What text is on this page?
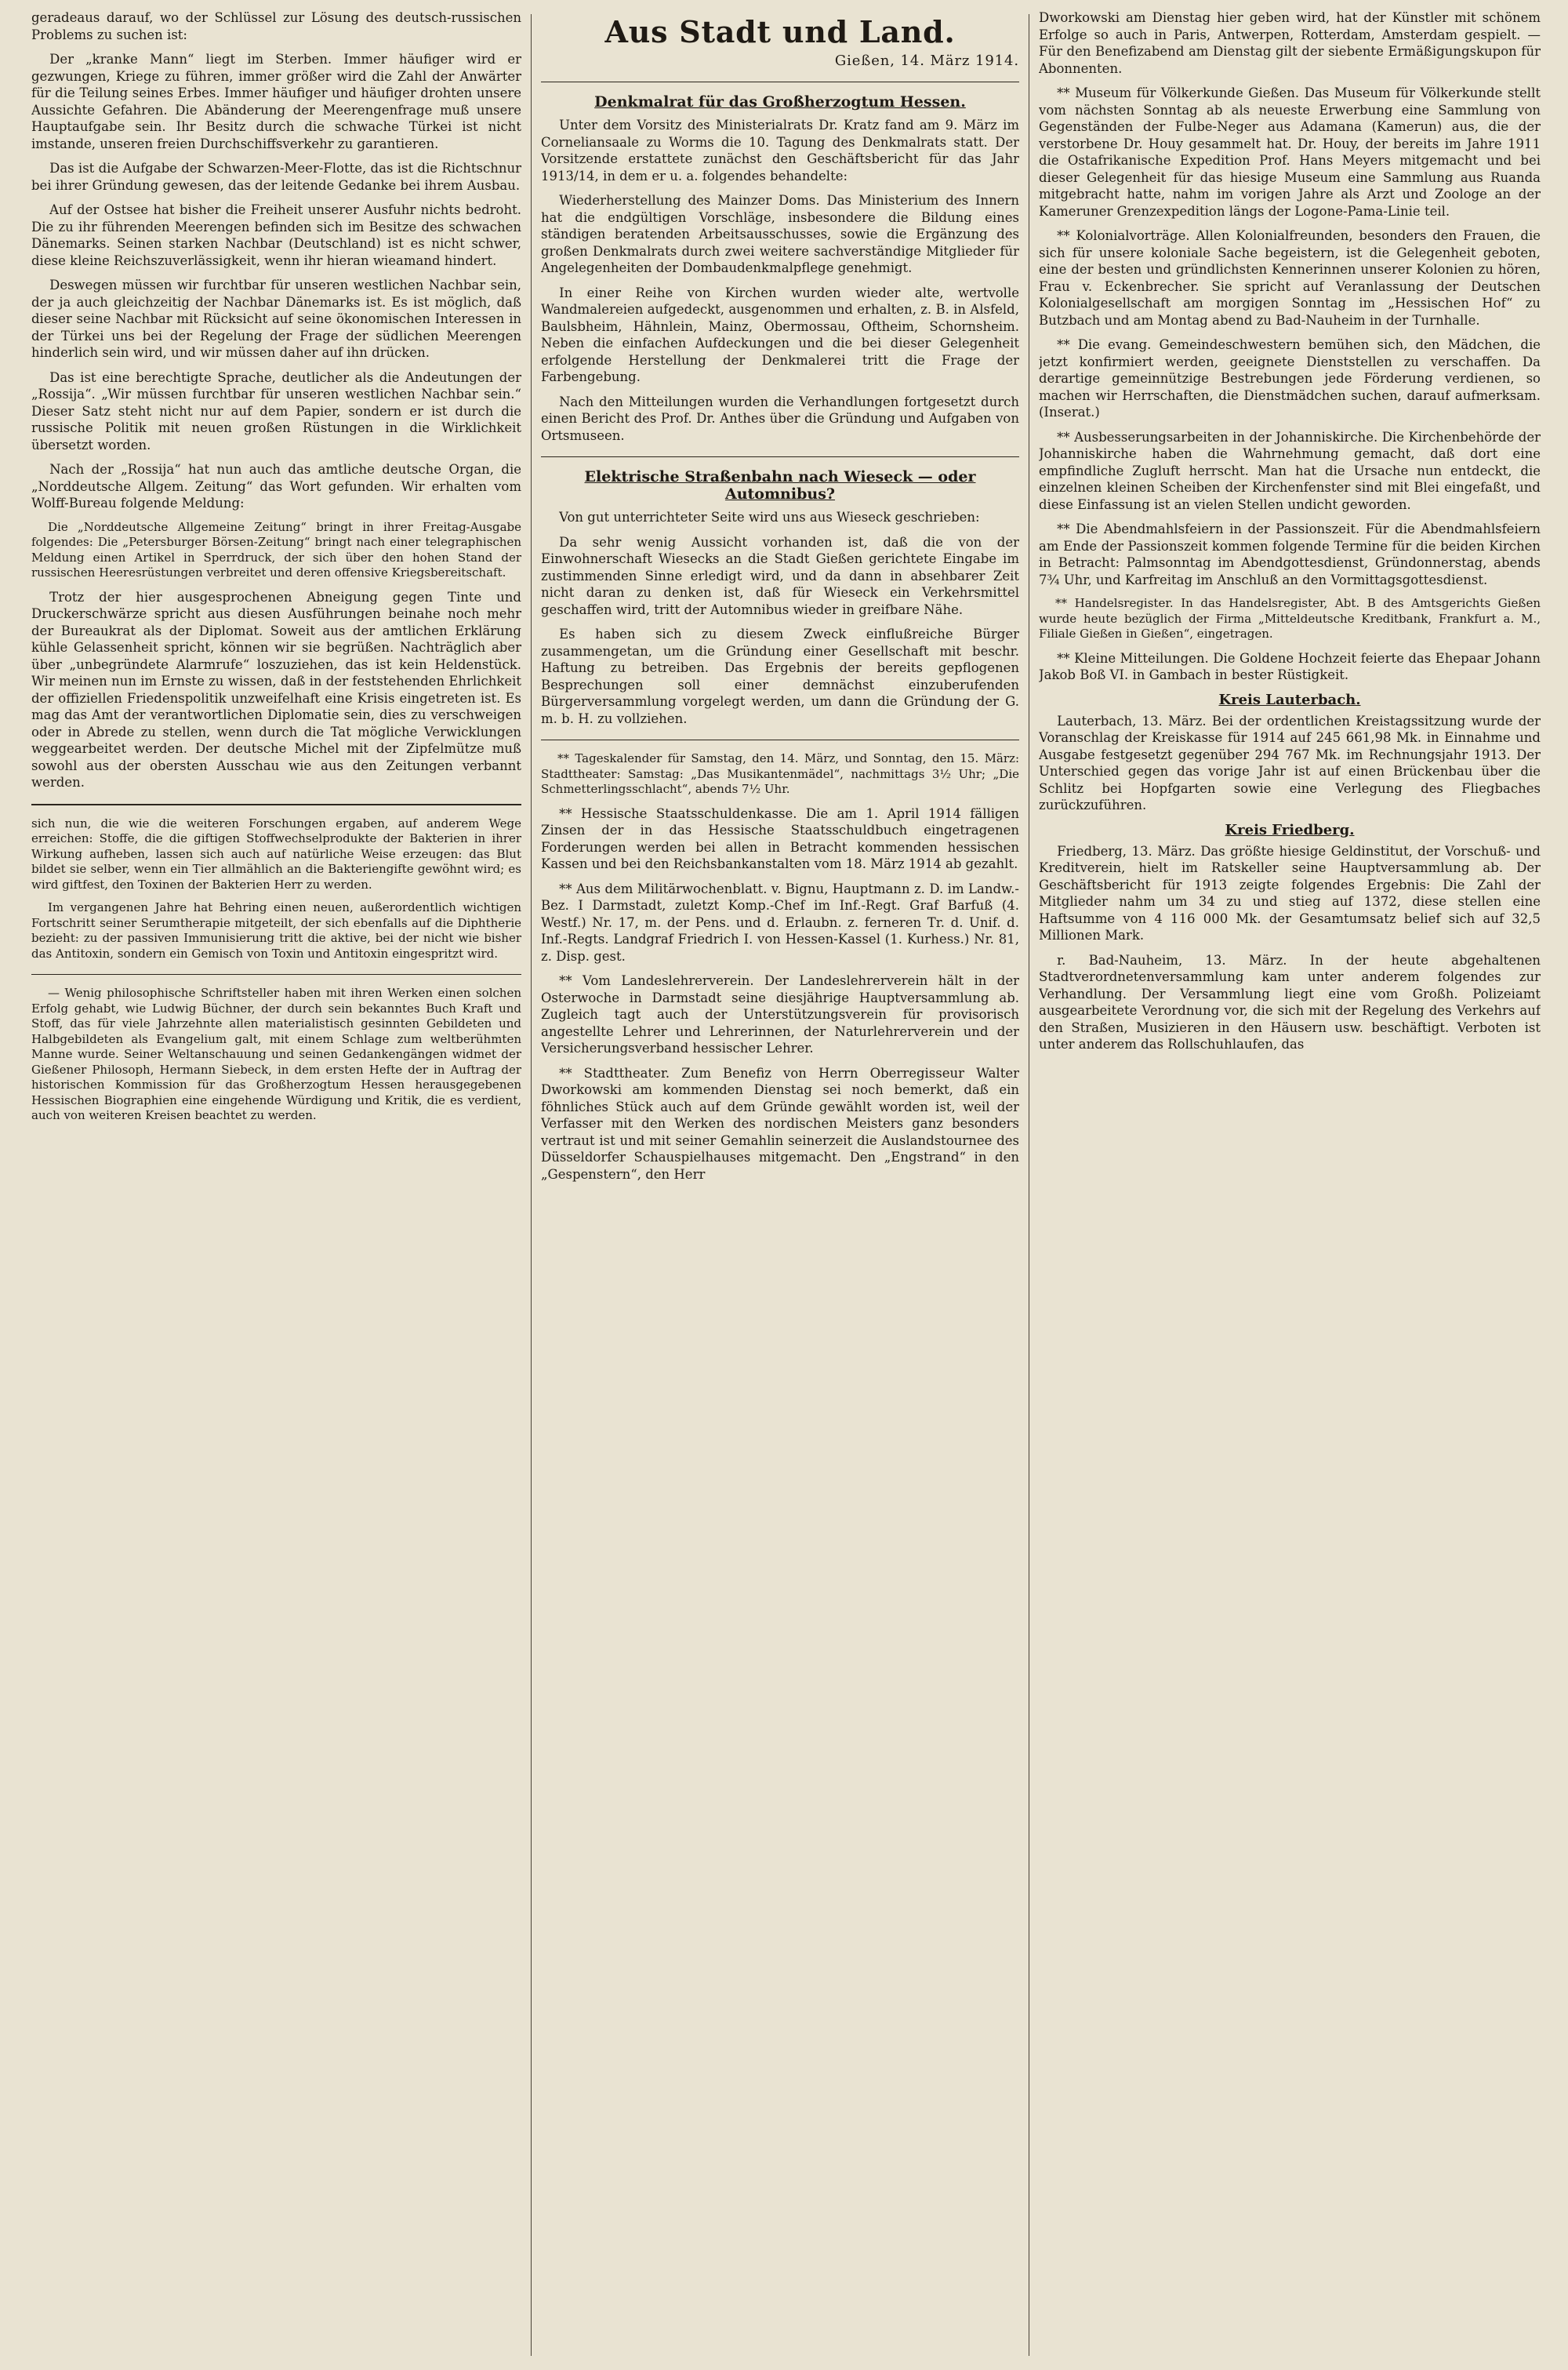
geradeaus darauf, wo der Schlüssel zur Lösung des deutsch-russischen Problems zu suchen ist:

Der „kranke Mann“ liegt im Sterben. Immer häufiger wird er gezwungen, Kriege zu führen, immer größer wird die Zahl der Anwärter für die Teilung seines Erbes. Immer häufiger und häufiger drohten unsere Aussichte Gefahren. Die Abänderung der Meerengenfrage muß unsere Hauptaufgabe sein. Ihr Besitz durch die schwache Türkei ist nicht imstande, unseren freien Durchschiffsverkehr zu garantieren.

Das ist die Aufgabe der Schwarzen-Meer-Flotte, das ist die Richtschnur bei ihrer Gründung gewesen, das der leitende Gedanke bei ihrem Ausbau.

Auf der Ostsee hat bisher die Freiheit unserer Ausfuhr nichts bedroht. Die zu ihr führenden Meerengen befinden sich im Besitze des schwachen Dänemarks. Seinen starken Nachbar (Deutschland) ist es nicht schwer, diese kleine Reichszuverlässigkeit, wenn ihr hieran wieamand hindert.

Deswegen müssen wir furchtbar für unseren westlichen Nachbar sein, der ja auch gleichzeitig der Nachbar Dänemarks ist. Es ist möglich, daß dieser seine Nachbar mit Rücksicht auf seine ökonomischen Interessen in der Türkei uns bei der Regelung der Frage der südlichen Meerengen hinderlich sein wird, und wir müssen daher auf ihn drücken.

Das ist eine berechtigte Sprache, deutlicher als die Andeutungen der „Rossija“. „Wir müssen furchtbar für unseren westlichen Nachbar sein.“ Dieser Satz steht nicht nur auf dem Papier, sondern er ist durch die russische Politik mit neuen großen Rüstungen in die Wirklichkeit übersetzt worden.

Nach der „Rossija“ hat nun auch das amtliche deutsche Organ, die „Norddeutsche Allgem. Zeitung“ das Wort gefunden. Wir erhalten vom Wolff-Bureau folgende Meldung:

Die „Norddeutsche Allgemeine Zeitung“ bringt in ihrer Freitag-Ausgabe folgendes: Die „Petersburger Börsen-Zeitung“ bringt nach einer telegraphischen Meldung einen Artikel in Sperrdruck, der sich über den hohen Stand der russischen Heeresrüstungen verbreitet und deren offensive Kriegsbereitschaft.

Trotz der hier ausgesprochenen Abneigung gegen Tinte und Druckerschwärze spricht aus diesen Ausführungen beinahe noch mehr der Bureaukrat als der Diplomat. Soweit aus der amtlichen Erklärung kühle Gelassenheit spricht, können wir sie begrüßen. Nachträglich aber über „unbegründete Alarmrufe“ loszuziehen, das ist kein Heldenstück. Wir meinen nun im Ernste zu wissen, daß in der feststehenden Ehrlichkeit der offiziellen Friedenspolitik unzweifelhaft eine Krisis eingetreten ist. Es mag das Amt der verantwortlichen Diplomatie sein, dies zu verschweigen oder in Abrede zu stellen, wenn durch die Tat mögliche Verwicklungen weggearbeitet werden. Der deutsche Michel mit der Zipfelmütze muß sowohl aus der obersten Ausschau wie aus den Zeitungen verbannt werden.

sich nun, die wie die weiteren Forschungen ergaben, auf anderem Wege erreichen: Stoffe, die die giftigen Stoffwechselprodukte der Bakterien in ihrer Wirkung aufheben, lassen sich auch auf natürliche Weise erzeugen: das Blut bildet sie selber, wenn ein Tier allmählich an die Bakteriengifte gewöhnt wird; es wird giftfest, den Toxinen der Bakterien Herr zu werden.

Im vergangenen Jahre hat Behring einen neuen, außerordentlich wichtigen Fortschritt seiner Serumtherapie mitgeteilt, der sich ebenfalls auf die Diphtherie bezieht: zu der passiven Immunisierung tritt die aktive, bei der nicht wie bisher das Antitoxin, sondern ein Gemisch von Toxin und Antitoxin eingespritzt wird.

— Wenig philosophische Schriftsteller haben mit ihren Werken einen solchen Erfolg gehabt, wie Ludwig Büchner, der durch sein bekanntes Buch Kraft und Stoff, das für viele Jahrzehnte allen materialistisch gesinnten Gebildeten und Halbgebildeten als Evangelium galt, mit einem Schlage zum weltberühmten Manne wurde. Seiner Weltanschauung und seinen Gedankengängen widmet der Gießener Philosoph, Hermann Siebeck, in dem ersten Hefte der in Auftrag der historischen Kommission für das Großherzogtum Hessen herausgegebenen Hessischen Biographien eine eingehende Würdigung und Kritik, die es verdient, auch von weiteren Kreisen beachtet zu werden.

Aus Stadt und Land.
Gießen, 14. März 1914.
Denkmalrat für das Großherzogtum Hessen.

Unter dem Vorsitz des Ministerialrats Dr. Kratz fand am 9. März im Corneliansaale zu Worms die 10. Tagung des Denkmalrats statt. Der Vorsitzende erstattete zunächst den Geschäftsbericht für das Jahr 1913/14, in dem er u. a. folgendes behandelte:

Wiederherstellung des Mainzer Doms. Das Ministerium des Innern hat die endgültigen Vorschläge, insbesondere die Bildung eines ständigen beratenden Arbeitsausschusses, sowie die Ergänzung des großen Denkmalrats durch zwei weitere sachverständige Mitglieder für Angelegenheiten der Dombaudenkmalpflege genehmigt.

In einer Reihe von Kirchen wurden wieder alte, wertvolle Wandmalereien aufgedeckt, ausgenommen und erhalten, z. B. in Alsfeld, Baulsbheim, Hähnlein, Mainz, Obermossau, Oftheim, Schornsheim. Neben die einfachen Aufdeckungen und die bei dieser Gelegenheit erfolgende Herstellung der Denkmalerei tritt die Frage der Farbengebung.

Nach den Mitteilungen wurden die Verhandlungen fortgesetzt durch einen Bericht des Prof. Dr. Anthes über die Gründung und Aufgaben von Ortsmuseen.

Elektrische Straßenbahn nach Wieseck — oder Automnibus?

Von gut unterrichteter Seite wird uns aus Wieseck geschrieben:

Da sehr wenig Aussicht vorhanden ist, daß die von der Einwohnerschaft Wiesecks an die Stadt Gießen gerichtete Eingabe im zustimmenden Sinne erledigt wird, und da dann in absehbarer Zeit nicht daran zu denken ist, daß für Wieseck ein Verkehrsmittel geschaffen wird, tritt der Automnibus wieder in greifbare Nähe.

Es haben sich zu diesem Zweck einflußreiche Bürger zusammengetan, um die Gründung einer Gesellschaft mit beschr. Haftung zu betreiben. Das Ergebnis der bereits gepflogenen Besprechungen soll einer demnächst einzuberufenden Bürgerversammlung vorgelegt werden, um dann die Gründung der G. m. b. H. zu vollziehen.

** Tageskalender für Samstag, den 14. März, und Sonntag, den 15. März: Stadttheater: Samstag: „Das Musikantenmädel“, nachmittags 3½ Uhr; „Die Schmetterlingsschlacht“, abends 7½ Uhr.

** Hessische Staatsschuldenkasse. Die am 1. April 1914 fälligen Zinsen der in das Hessische Staatsschuldbuch eingetragenen Forderungen werden bei allen in Betracht kommenden hessischen Kassen und bei den Reichsbankanstalten vom 18. März 1914 ab gezahlt.

** Aus dem Militärwochenblatt. v. Bignu, Hauptmann z. D. im Landw.-Bez. I Darmstadt, zuletzt Komp.-Chef im Inf.-Regt. Graf Barfuß (4. Westf.) Nr. 17, m. der Pens. und d. Erlaubn. z. ferneren Tr. d. Unif. d. Inf.-Regts. Landgraf Friedrich I. von Hessen-Kassel (1. Kurhess.) Nr. 81, z. Disp. gest.

** Vom Landeslehrerverein. Der Landeslehrerverein hält in der Osterwoche in Darmstadt seine diesjährige Hauptversammlung ab. Zugleich tagt auch der Unterstützungsverein für provisorisch angestellte Lehrer und Lehrerinnen, der Naturlehrerverein und der Versicherungsverband hessischer Lehrer.

** Stadttheater. Zum Benefiz von Herrn Oberregisseur Walter Dworkowski am kommenden Dienstag sei noch bemerkt, daß ein föhnliches Stück auch auf dem Gründe gewählt worden ist, weil der Verfasser mit den Werken des nordischen Meisters ganz besonders vertraut ist und mit seiner Gemahlin seinerzeit die Auslandstournee des Düsseldorfer Schauspielhauses mitgemacht. Den „Engstrand“ in den „Gespenstern“, den Herr

Dworkowski am Dienstag hier geben wird, hat der Künstler mit schönem Erfolge so auch in Paris, Antwerpen, Rotterdam, Amsterdam gespielt. — Für den Benefizabend am Dienstag gilt der siebente Ermäßigungskupon für Abonnenten.

** Museum für Völkerkunde Gießen. Das Museum für Völkerkunde stellt vom nächsten Sonntag ab als neueste Erwerbung eine Sammlung von Gegenständen der Fulbe-Neger aus Adamana (Kamerun) aus, die der verstorbene Dr. Houy gesammelt hat. Dr. Houy, der bereits im Jahre 1911 die Ostafrikanische Expedition Prof. Hans Meyers mitgemacht und bei dieser Gelegenheit für das hiesige Museum eine Sammlung aus Ruanda mitgebracht hatte, nahm im vorigen Jahre als Arzt und Zoologe an der Kameruner Grenzexpedition längs der Logone-Pama-Linie teil.

** Kolonialvorträge. Allen Kolonialfreunden, besonders den Frauen, die sich für unsere koloniale Sache begeistern, ist die Gelegenheit geboten, eine der besten und gründlichsten Kennerinnen unserer Kolonien zu hören, Frau v. Eckenbrecher. Sie spricht auf Veranlassung der Deutschen Kolonialgesellschaft am morgigen Sonntag im „Hessischen Hof“ zu Butzbach und am Montag abend zu Bad-Nauheim in der Turnhalle.

** Die evang. Gemeindeschwestern bemühen sich, den Mädchen, die jetzt konfirmiert werden, geeignete Dienststellen zu verschaffen. Da derartige gemeinnützige Bestrebungen jede Förderung verdienen, so machen wir Herrschaften, die Dienstmädchen suchen, darauf aufmerksam. (Inserat.)

** Ausbesserungsarbeiten in der Johanniskirche. Die Kirchenbehörde der Johanniskirche haben die Wahrnehmung gemacht, daß dort eine empfindliche Zugluft herrscht. Man hat die Ursache nun entdeckt, die einzelnen kleinen Scheiben der Kirchenfenster sind mit Blei eingefaßt, und diese Einfassung ist an vielen Stellen undicht geworden.

** Die Abendmahlsfeiern in der Passionszeit. Für die Abendmahlsfeiern am Ende der Passionszeit kommen folgende Termine für die beiden Kirchen in Betracht: Palmsonntag im Abendgottesdienst, Gründonnerstag, abends 7¾ Uhr, und Karfreitag im Anschluß an den Vormittagsgottesdienst.

** Handelsregister. In das Handelsregister, Abt. B des Amtsgerichts Gießen wurde heute bezüglich der Firma „Mitteldeutsche Kreditbank, Frankfurt a. M., Filiale Gießen in Gießen“, eingetragen.

** Kleine Mitteilungen. Die Goldene Hochzeit feierte das Ehepaar Johann Jakob Boß VI. in Gambach in bester Rüstigkeit.

Kreis Lauterbach.

Lauterbach, 13. März. Bei der ordentlichen Kreistagssitzung wurde der Voranschlag der Kreiskasse für 1914 auf 245 661,98 Mk. in Einnahme und Ausgabe festgesetzt gegenüber 294 767 Mk. im Rechnungsjahr 1913. Der Unterschied gegen das vorige Jahr ist auf einen Brückenbau über die Schlitz bei Hopfgarten sowie eine Verlegung des Fliegbaches zurückzuführen.

Kreis Friedberg.

Friedberg, 13. März. Das größte hiesige Geldinstitut, der Vorschuß- und Kreditverein, hielt im Ratskeller seine Hauptversammlung ab. Der Geschäftsbericht für 1913 zeigte folgendes Ergebnis: Die Zahl der Mitglieder nahm um 34 zu und stieg auf 1372, diese stellen eine Haftsumme von 4 116 000 Mk. der Gesamtumsatz belief sich auf 32,5 Millionen Mark.

r. Bad-Nauheim, 13. März. In der heute abgehaltenen Stadtverordnetenversammlung kam unter anderem folgendes zur Verhandlung. Der Versammlung liegt eine vom Großh. Polizeiamt ausgearbeitete Verordnung vor, die sich mit der Regelung des Verkehrs auf den Straßen, Musizieren in den Häusern usw. beschäftigt. Verboten ist unter anderem das Rollschuhlaufen, das
